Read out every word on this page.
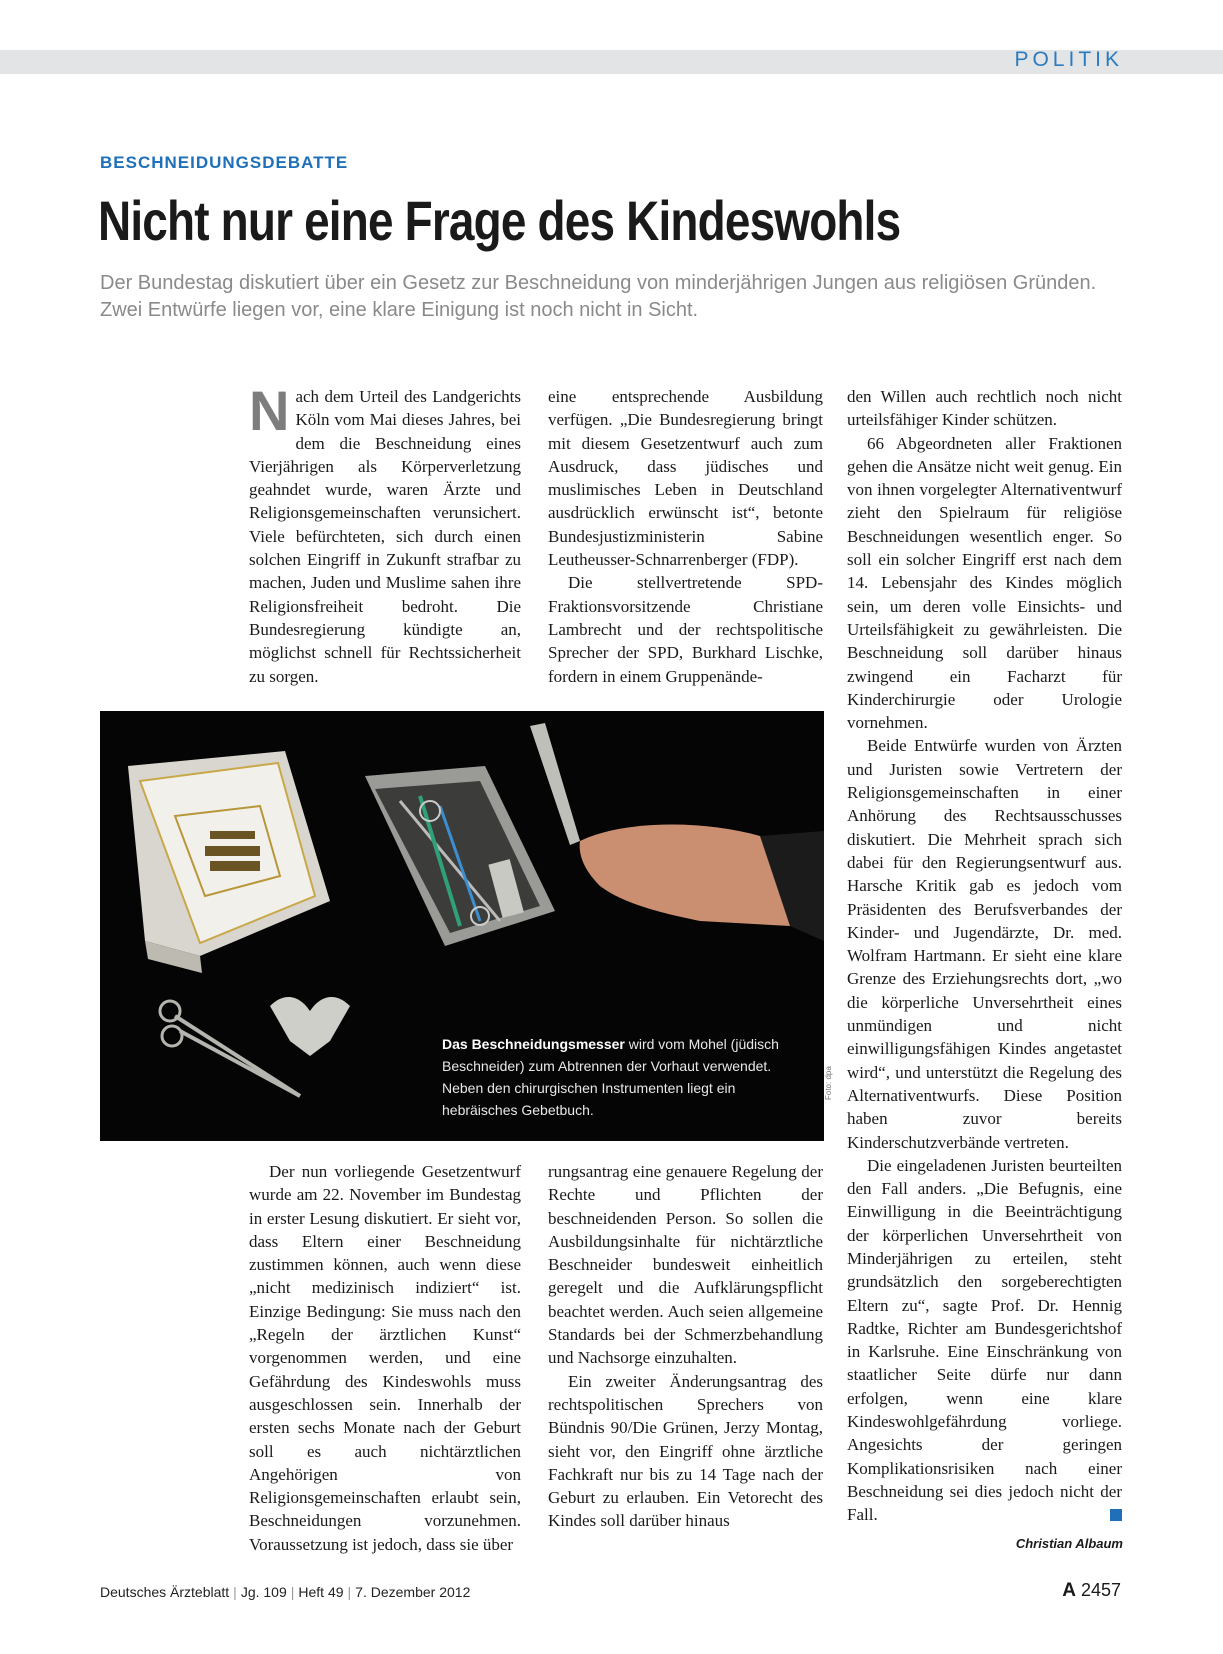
POLITIK
BESCHNEIDUNGSDEBATTE
Nicht nur eine Frage des Kindeswohls
Der Bundestag diskutiert über ein Gesetz zur Beschneidung von minderjährigen Jungen aus religiösen Gründen. Zwei Entwürfe liegen vor, eine klare Einigung ist noch nicht in Sicht.

Nach dem Urteil des Landgerichts Köln vom Mai dieses Jahres, bei dem die Beschneidung eines Vierjährigen als Körperverletzung geahndet wurde, waren Ärzte und Religionsgemeinschaften verunsichert. Viele befürchteten, sich durch einen solchen Eingriff in Zukunft strafbar zu machen, Juden und Muslime sahen ihre Religionsfreiheit bedroht. Die Bundesregierung kündigte an, möglichst schnell für Rechtssicherheit zu sorgen.

eine entsprechende Ausbildung verfügen. „Die Bundesregierung bringt mit diesem Gesetzentwurf auch zum Ausdruck, dass jüdisches und muslimisches Leben in Deutschland ausdrücklich erwünscht ist“, betonte Bundesjustizministerin Sabine Leutheusser-Schnarrenberger (FDP).

Die stellvertretende SPD-Fraktionsvorsitzende Christiane Lambrecht und der rechtspolitische Sprecher der SPD, Burkhard Lischke, fordern in einem Gruppenände-

den Willen auch rechtlich noch nicht urteilsfähiger Kinder schützen.

66 Abgeordneten aller Fraktionen gehen die Ansätze nicht weit genug. Ein von ihnen vorgelegter Alternativentwurf zieht den Spielraum für religiöse Beschneidungen wesentlich enger. So soll ein solcher Eingriff erst nach dem 14. Lebensjahr des Kindes möglich sein, um deren volle Einsichts- und Urteilsfähigkeit zu gewährleisten. Die Beschneidung soll darüber hinaus zwingend ein Facharzt für Kinderchirurgie oder Urologie vornehmen.

Beide Entwürfe wurden von Ärzten und Juristen sowie Vertretern der Religionsgemeinschaften in einer Anhörung des Rechtsausschusses diskutiert. Die Mehrheit sprach sich dabei für den Regierungsentwurf aus. Harsche Kritik gab es jedoch vom Präsidenten des Berufsverbandes der Kinder- und Jugendärzte, Dr. med. Wolfram Hartmann. Er sieht eine klare Grenze des Erziehungsrechts dort, „wo die körperliche Unversehrtheit eines unmündigen und nicht einwilligungsfähigen Kindes angetastet wird“, und unterstützt die Regelung des Alternativentwurfs. Diese Position haben zuvor bereits Kinderschutzverbände vertreten.

Die eingeladenen Juristen beurteilten den Fall anders. „Die Befugnis, eine Einwilligung in die Beeinträchtigung der körperlichen Unversehrtheit von Minderjährigen zu erteilen, steht grundsätzlich den sorgeberechtigten Eltern zu“, sagte Prof. Dr. Hennig Radtke, Richter am Bundesgerichtshof in Karlsruhe. Eine Einschränkung von staatlicher Seite dürfe nur dann erfolgen, wenn eine klare Kindeswohlgefährdung vorliege. Angesichts der geringen Komplikationsrisiken nach einer Beschneidung sei dies jedoch nicht der Fall.

Das Beschneidungsmesser wird vom Mohel (jüdisch Beschneider) zum Abtrennen der Vorhaut verwendet. Neben den chirurgischen Instrumenten liegt ein hebräisches Gebetbuch.
Foto: dpa

Der nun vorliegende Gesetzentwurf wurde am 22. November im Bundestag in erster Lesung diskutiert. Er sieht vor, dass Eltern einer Beschneidung zustimmen können, auch wenn diese „nicht medizinisch indiziert“ ist. Einzige Bedingung: Sie muss nach den „Regeln der ärztlichen Kunst“ vorgenommen werden, und eine Gefährdung des Kindeswohls muss ausgeschlossen sein. Innerhalb der ersten sechs Monate nach der Geburt soll es auch nichtärztlichen Angehörigen von Religionsgemeinschaften erlaubt sein, Beschneidungen vorzunehmen. Voraussetzung ist jedoch, dass sie über

rungsantrag eine genauere Regelung der Rechte und Pflichten der beschneidenden Person. So sollen die Ausbildungsinhalte für nichtärztliche Beschneider bundesweit einheitlich geregelt und die Aufklärungspflicht beachtet werden. Auch seien allgemeine Standards bei der Schmerzbehandlung und Nachsorge einzuhalten.

Ein zweiter Änderungsantrag des rechtspolitischen Sprechers von Bündnis 90/Die Grünen, Jerzy Montag, sieht vor, den Eingriff ohne ärztliche Fachkraft nur bis zu 14 Tage nach der Geburt zu erlauben. Ein Vetorecht des Kindes soll darüber hinaus

Christian Albaum
Deutsches Ärzteblatt | Jg. 109 | Heft 49 | 7. Dezember 2012	A 2457
